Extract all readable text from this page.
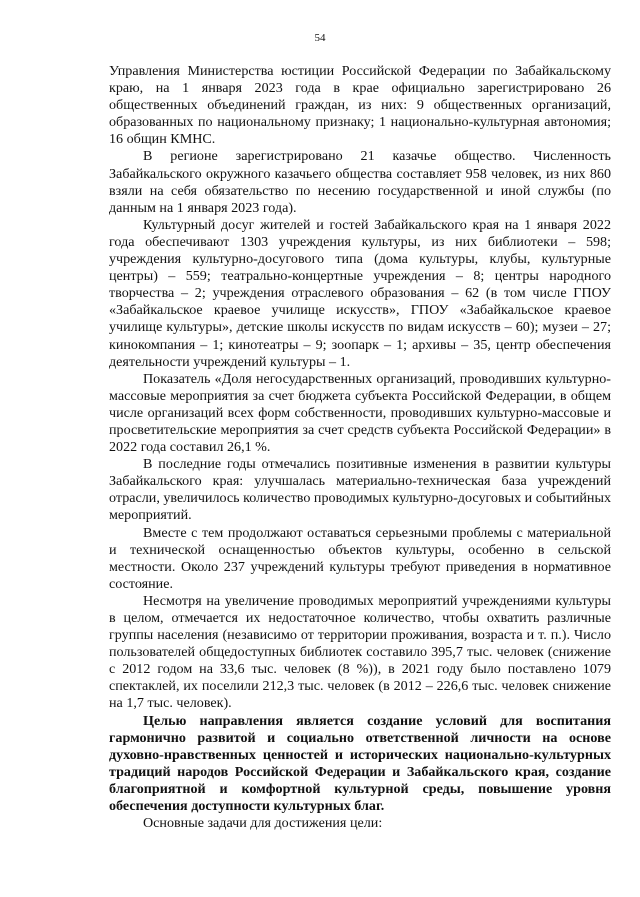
54

Управления Министерства юстиции Российской Федерации по Забайкальскому краю, на 1 января 2023 года в крае официально зарегистрировано 26 общественных объединений граждан, из них: 9 общественных организаций, образованных по национальному признаку; 1 национально-культурная автономия; 16 общин КМНС.

В регионе зарегистрировано 21 казачье общество. Численность Забайкальского окружного казачьего общества составляет 958 человек, из них 860 взяли на себя обязательство по несению государственной и иной службы (по данным на 1 января 2023 года).

Культурный досуг жителей и гостей Забайкальского края на 1 января 2022 года обеспечивают 1303 учреждения культуры, из них библиотеки – 598; учреждения культурно-досугового типа (дома культуры, клубы, культурные центры) – 559; театрально-концертные учреждения – 8; центры народного творчества – 2; учреждения отраслевого образования – 62 (в том числе ГПОУ «Забайкальское краевое училище искусств», ГПОУ «Забайкальское краевое училище культуры», детские школы искусств по видам искусств – 60); музеи – 27; кинокомпания – 1; кинотеатры – 9; зоопарк – 1; архивы – 35, центр обеспечения деятельности учреждений культуры – 1.

Показатель «Доля негосударственных организаций, проводивших культурно-массовые мероприятия за счет бюджета субъекта Российской Федерации, в общем числе организаций всех форм собственности, проводивших культурно-массовые и просветительские мероприятия за счет средств субъекта Российской Федерации» в 2022 года составил 26,1 %.

В последние годы отмечались позитивные изменения в развитии культуры Забайкальского края: улучшалась материально-техническая база учреждений отрасли, увеличилось количество проводимых культурно-досуговых и событийных мероприятий.

Вместе с тем продолжают оставаться серьезными проблемы с материальной и технической оснащенностью объектов культуры, особенно в сельской местности. Около 237 учреждений культуры требуют приведения в нормативное состояние.

Несмотря на увеличение проводимых мероприятий учреждениями культуры в целом, отмечается их недостаточное количество, чтобы охватить различные группы населения (независимо от территории проживания, возраста и т. п.). Число пользователей общедоступных библиотек составило 395,7 тыс. человек (снижение с 2012 годом на 33,6 тыс. человек (8 %)), в 2021 году было поставлено 1079 спектаклей, их поселили 212,3 тыс. человек (в 2012 – 226,6 тыс. человек снижение на 1,7 тыс. человек).

Целью направления является создание условий для воспитания гармонично развитой и социально ответственной личности на основе духовно-нравственных ценностей и исторических национально-культурных традиций народов Российской Федерации и Забайкальского края, создание благоприятной и комфортной культурной среды, повышение уровня обеспечения доступности культурных благ.

Основные задачи для достижения цели:
